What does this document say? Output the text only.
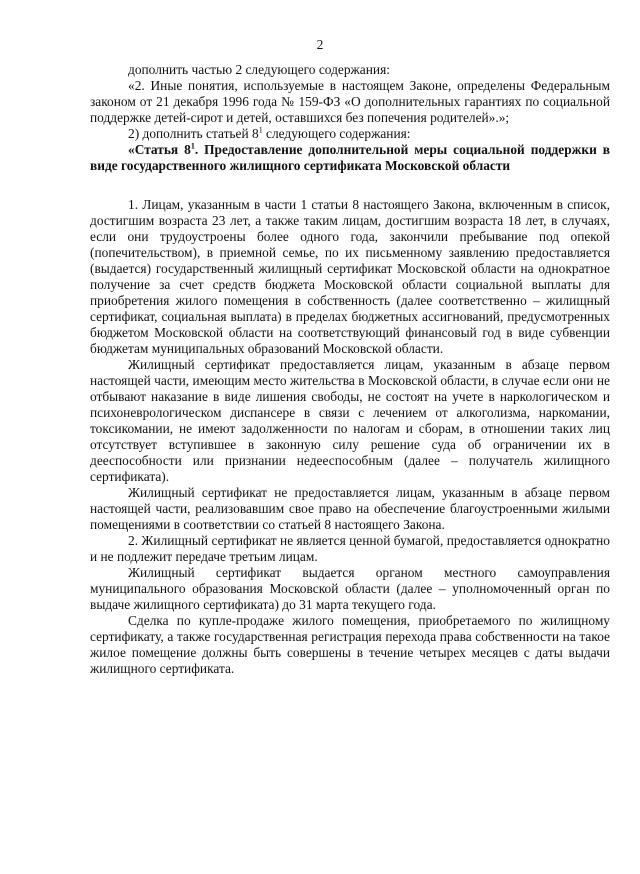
2

дополнить частью 2 следующего содержания:

«2. Иные понятия, используемые в настоящем Законе, определены Федеральным законом от 21 декабря 1996 года № 159-ФЗ «О дополнительных гарантиях по социальной поддержке детей-сирот и детей, оставшихся без попечения родителей».»;

2) дополнить статьей $8^1$ следующего содержания:

«Статья $8^1$. Предоставление дополнительной меры социальной поддержки в виде государственного жилищного сертификата Московской области

1. Лицам, указанным в части 1 статьи 8 настоящего Закона, включенным в список, достигшим возраста 23 лет, а также таким лицам, достигшим возраста 18 лет, в случаях, если они трудоустроены более одного года, закончили пребывание под опекой (попечительством), в приемной семье, по их письменному заявлению предоставляется (выдается) государственный жилищный сертификат Московской области на однократное получение за счет средств бюджета Московской области социальной выплаты для приобретения жилого помещения в собственность (далее соответственно – жилищный сертификат, социальная выплата) в пределах бюджетных ассигнований, предусмотренных бюджетом Московской области на соответствующий финансовый год в виде субвенции бюджетам муниципальных образований Московской области.

Жилищный сертификат предоставляется лицам, указанным в абзаце первом настоящей части, имеющим место жительства в Московской области, в случае если они не отбывают наказание в виде лишения свободы, не состоят на учете в наркологическом и психоневрологическом диспансере в связи с лечением от алкоголизма, наркомании, токсикомании, не имеют задолженности по налогам и сборам, в отношении таких лиц отсутствует вступившее в законную силу решение суда об ограничении их в дееспособности или признании недееспособным (далее – получатель жилищного сертификата).

Жилищный сертификат не предоставляется лицам, указанным в абзаце первом настоящей части, реализовавшим свое право на обеспечение благоустроенными жилыми помещениями в соответствии со статьей 8 настоящего Закона.

2. Жилищный сертификат не является ценной бумагой, предоставляется однократно и не подлежит передаче третьим лицам.

Жилищный сертификат выдается органом местного самоуправления муниципального образования Московской области (далее – уполномоченный орган по выдаче жилищного сертификата) до 31 марта текущего года.

Сделка по купле-продаже жилого помещения, приобретаемого по жилищному сертификату, а также государственная регистрация перехода права собственности на такое жилое помещение должны быть совершены в течение четырех месяцев с даты выдачи жилищного сертификата.
